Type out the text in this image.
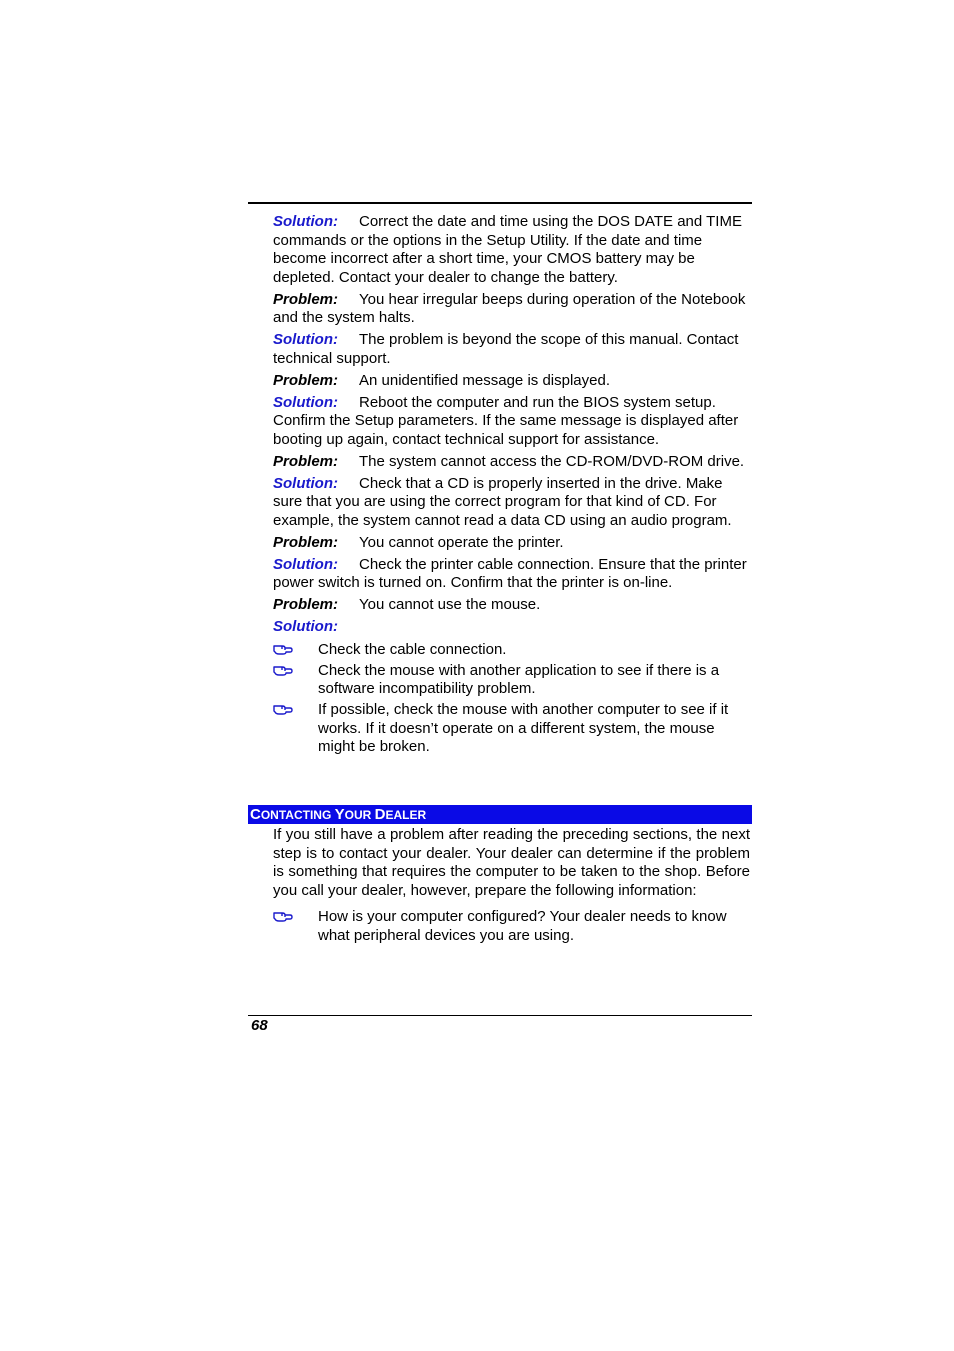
Solution: Correct the date and time using the DOS DATE and TIME commands or the options in the Setup Utility. If the date and time become incorrect after a short time, your CMOS battery may be depleted. Contact your dealer to change the battery.
Problem: You hear irregular beeps during operation of the Notebook and the system halts.
Solution: The problem is beyond the scope of this manual. Contact technical support.
Problem: An unidentified message is displayed.
Solution: Reboot the computer and run the BIOS system setup. Confirm the Setup parameters. If the same message is displayed after booting up again, contact technical support for assistance.
Problem: The system cannot access the CD-ROM/DVD-ROM drive.
Solution: Check that a CD is properly inserted in the drive. Make sure that you are using the correct program for that kind of CD. For example, the system cannot read a data CD using an audio program.
Problem: You cannot operate the printer.
Solution: Check the printer cable connection. Ensure that the printer power switch is turned on. Confirm that the printer is on-line.
Problem: You cannot use the mouse.
Solution:
Check the cable connection.
Check the mouse with another application to see if there is a software incompatibility problem.
If possible, check the mouse with another computer to see if it works. If it doesn’t operate on a different system, the mouse might be broken.
CONTACTING YOUR DEALER

If you still have a problem after reading the preceding sections, the next step is to contact your dealer. Your dealer can determine if the problem is something that requires the computer to be taken to the shop. Before you call your dealer, however, prepare the following information:

How is your computer configured? Your dealer needs to know what peripheral devices you are using.
68
